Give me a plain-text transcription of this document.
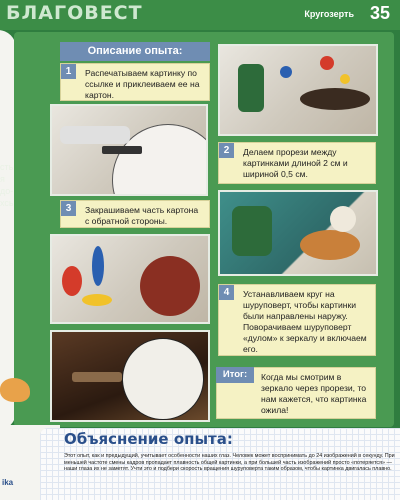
БЛАГОВЕСТ	Кругозерть 35
сть
я
до-
хсь
Описание опыта:
1	Распечатываем картинку по ссылке и приклеиваем ее на картон.
2	Делаем прорези между картинками длиной 2 см и шириной 0,5 см.
3	Закрашиваем часть картона с обратной стороны.
4	Устанавливаем круг на шуруповерт, чтобы картинки были направлены наружу. Поворачиваем шуруповерт «дулом» к зеркалу и включаем его.
Когда мы смотрим в зеркало через прорези, то нам кажется, что картинка ожила!
Итог:
ika
Объяснение опыта:
Этот опыт, как и предыдущий, учитывает особенности наших глаз. Человек может воспринимать до 24 изображений в секунду. При меньшей частоте смены кадров пропадает плавность общей картинки, а при большей часть изображений просто «потеряется» — наши глаза их не заметят. Учти это и подбери скорость вращения шуруповерта таким образом, чтобы картинка двигалась плавно.
